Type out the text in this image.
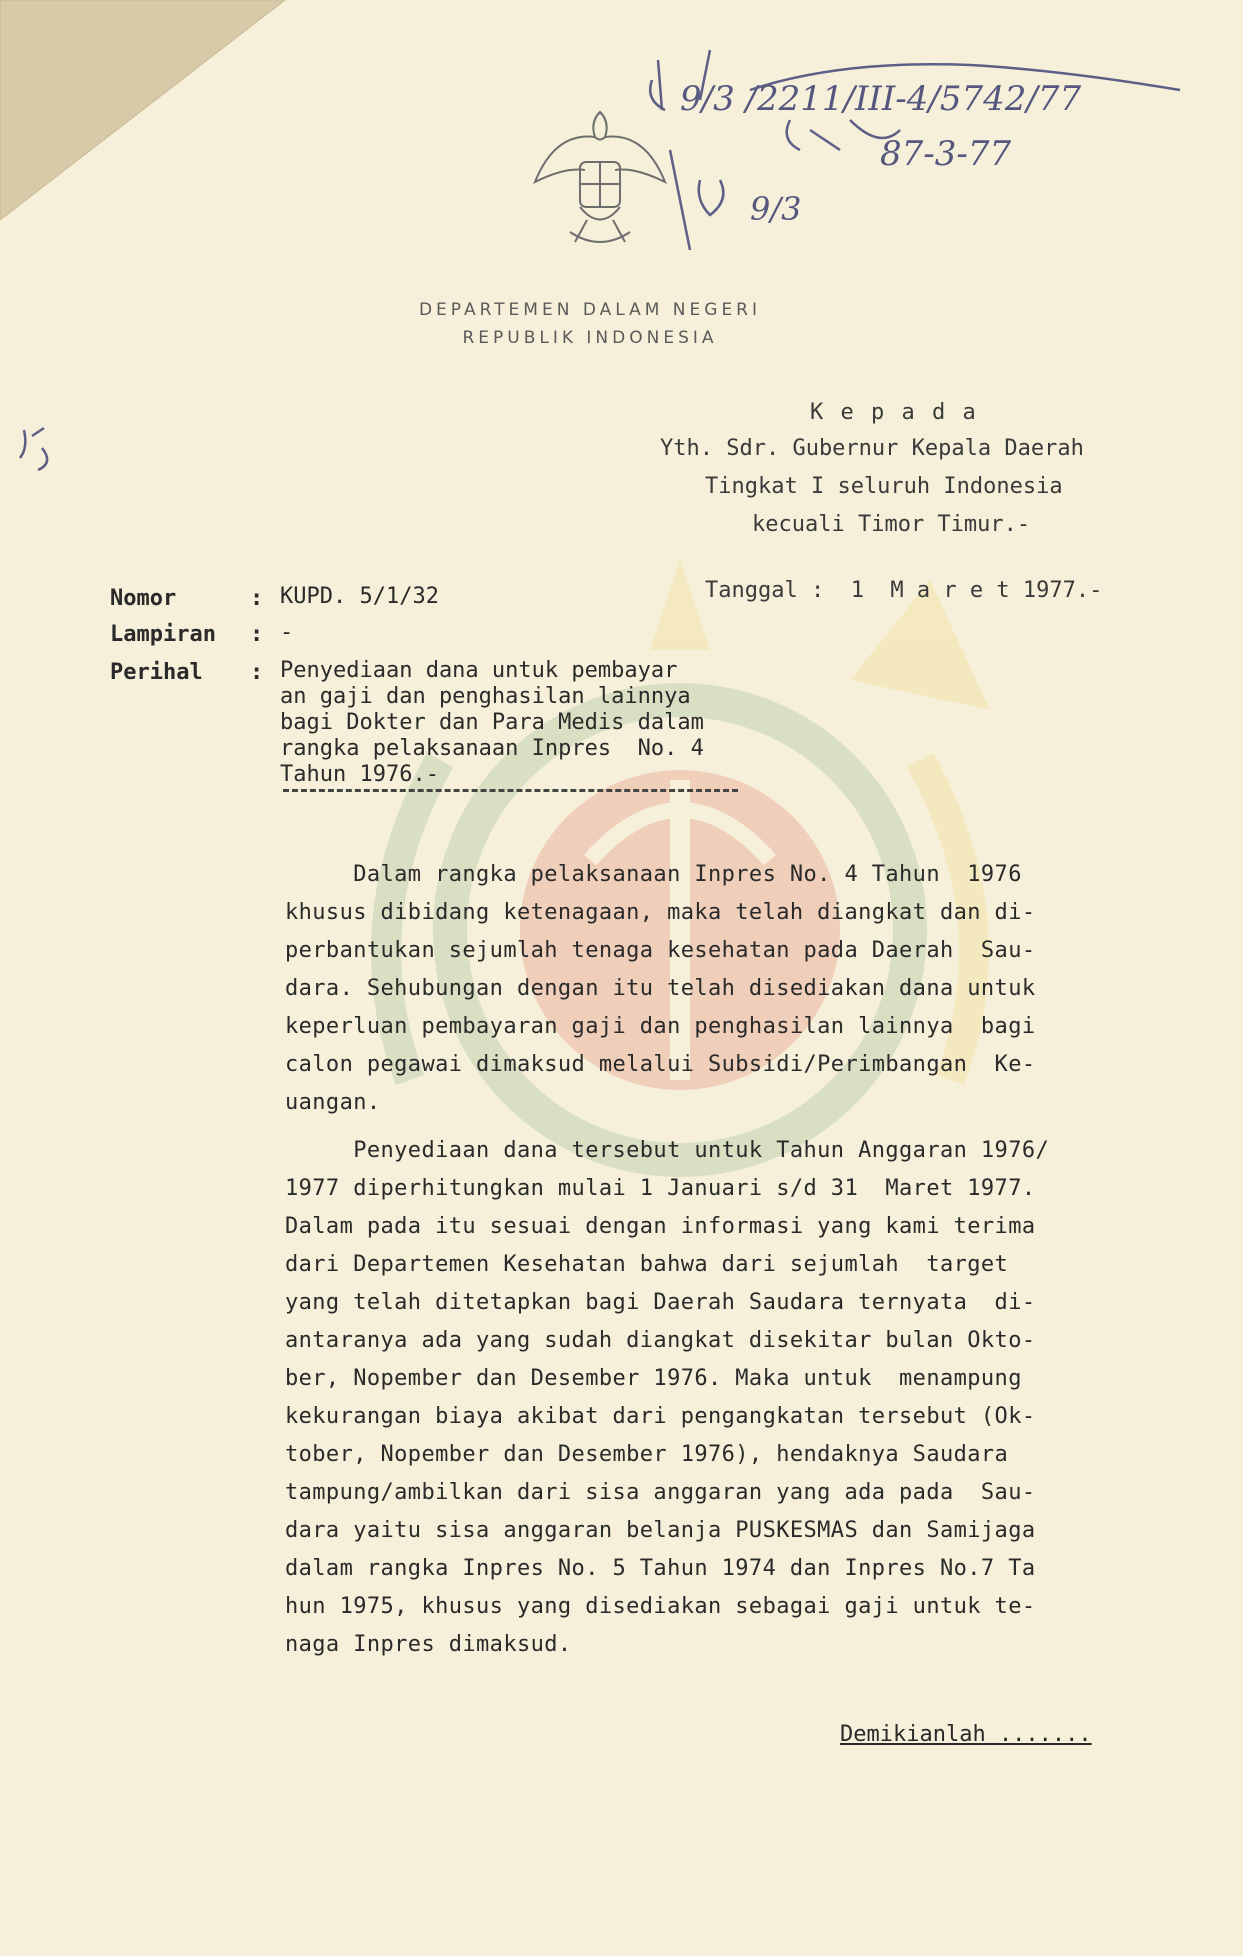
9/3 /2211/III-4/5742/77
87-3-77
9/3
DEPARTEMEN DALAM NEGERI
REPUBLIK INDONESIA
K e p a d a
Yth. Sdr. Gubernur Kepala Daerah
Tingkat I seluruh Indonesia
kecuali Timor Timur.-
Nomor	: KUPD. 5/1/32	Tanggal :  1  M a r e t 1977.-
Lampiran : -
Perihal : Penyediaan dana untuk pembayar
an gaji dan penghasilan lainnya
bagi Dokter dan Para Medis dalam
rangka pelaksanaan Inpres  No. 4
Tahun 1976.-
Dalam rangka pelaksanaan Inpres No. 4 Tahun  1976
khusus dibidang ketenagaan, maka telah diangkat dan di-
perbantukan sejumlah tenaga kesehatan pada Daerah  Sau-
dara. Sehubungan dengan itu telah disediakan dana untuk
keperluan pembayaran gaji dan penghasilan lainnya  bagi
calon pegawai dimaksud melalui Subsidi/Perimbangan  Ke-
uangan.
Penyediaan dana tersebut untuk Tahun Anggaran 1976/
1977 diperhitungkan mulai 1 Januari s/d 31  Maret 1977.
Dalam pada itu sesuai dengan informasi yang kami terima
dari Departemen Kesehatan bahwa dari sejumlah  target
yang telah ditetapkan bagi Daerah Saudara ternyata  di-
antaranya ada yang sudah diangkat disekitar bulan Okto-
ber, Nopember dan Desember 1976. Maka untuk  menampung
kekurangan biaya akibat dari pengangkatan tersebut (Ok-
tober, Nopember dan Desember 1976), hendaknya Saudara
tampung/ambilkan dari sisa anggaran yang ada pada  Sau-
dara yaitu sisa anggaran belanja PUSKESMAS dan Samijaga
dalam rangka Inpres No. 5 Tahun 1974 dan Inpres No.7 Ta
hun 1975, khusus yang disediakan sebagai gaji untuk te-
naga Inpres dimaksud.
Demikianlah .......
